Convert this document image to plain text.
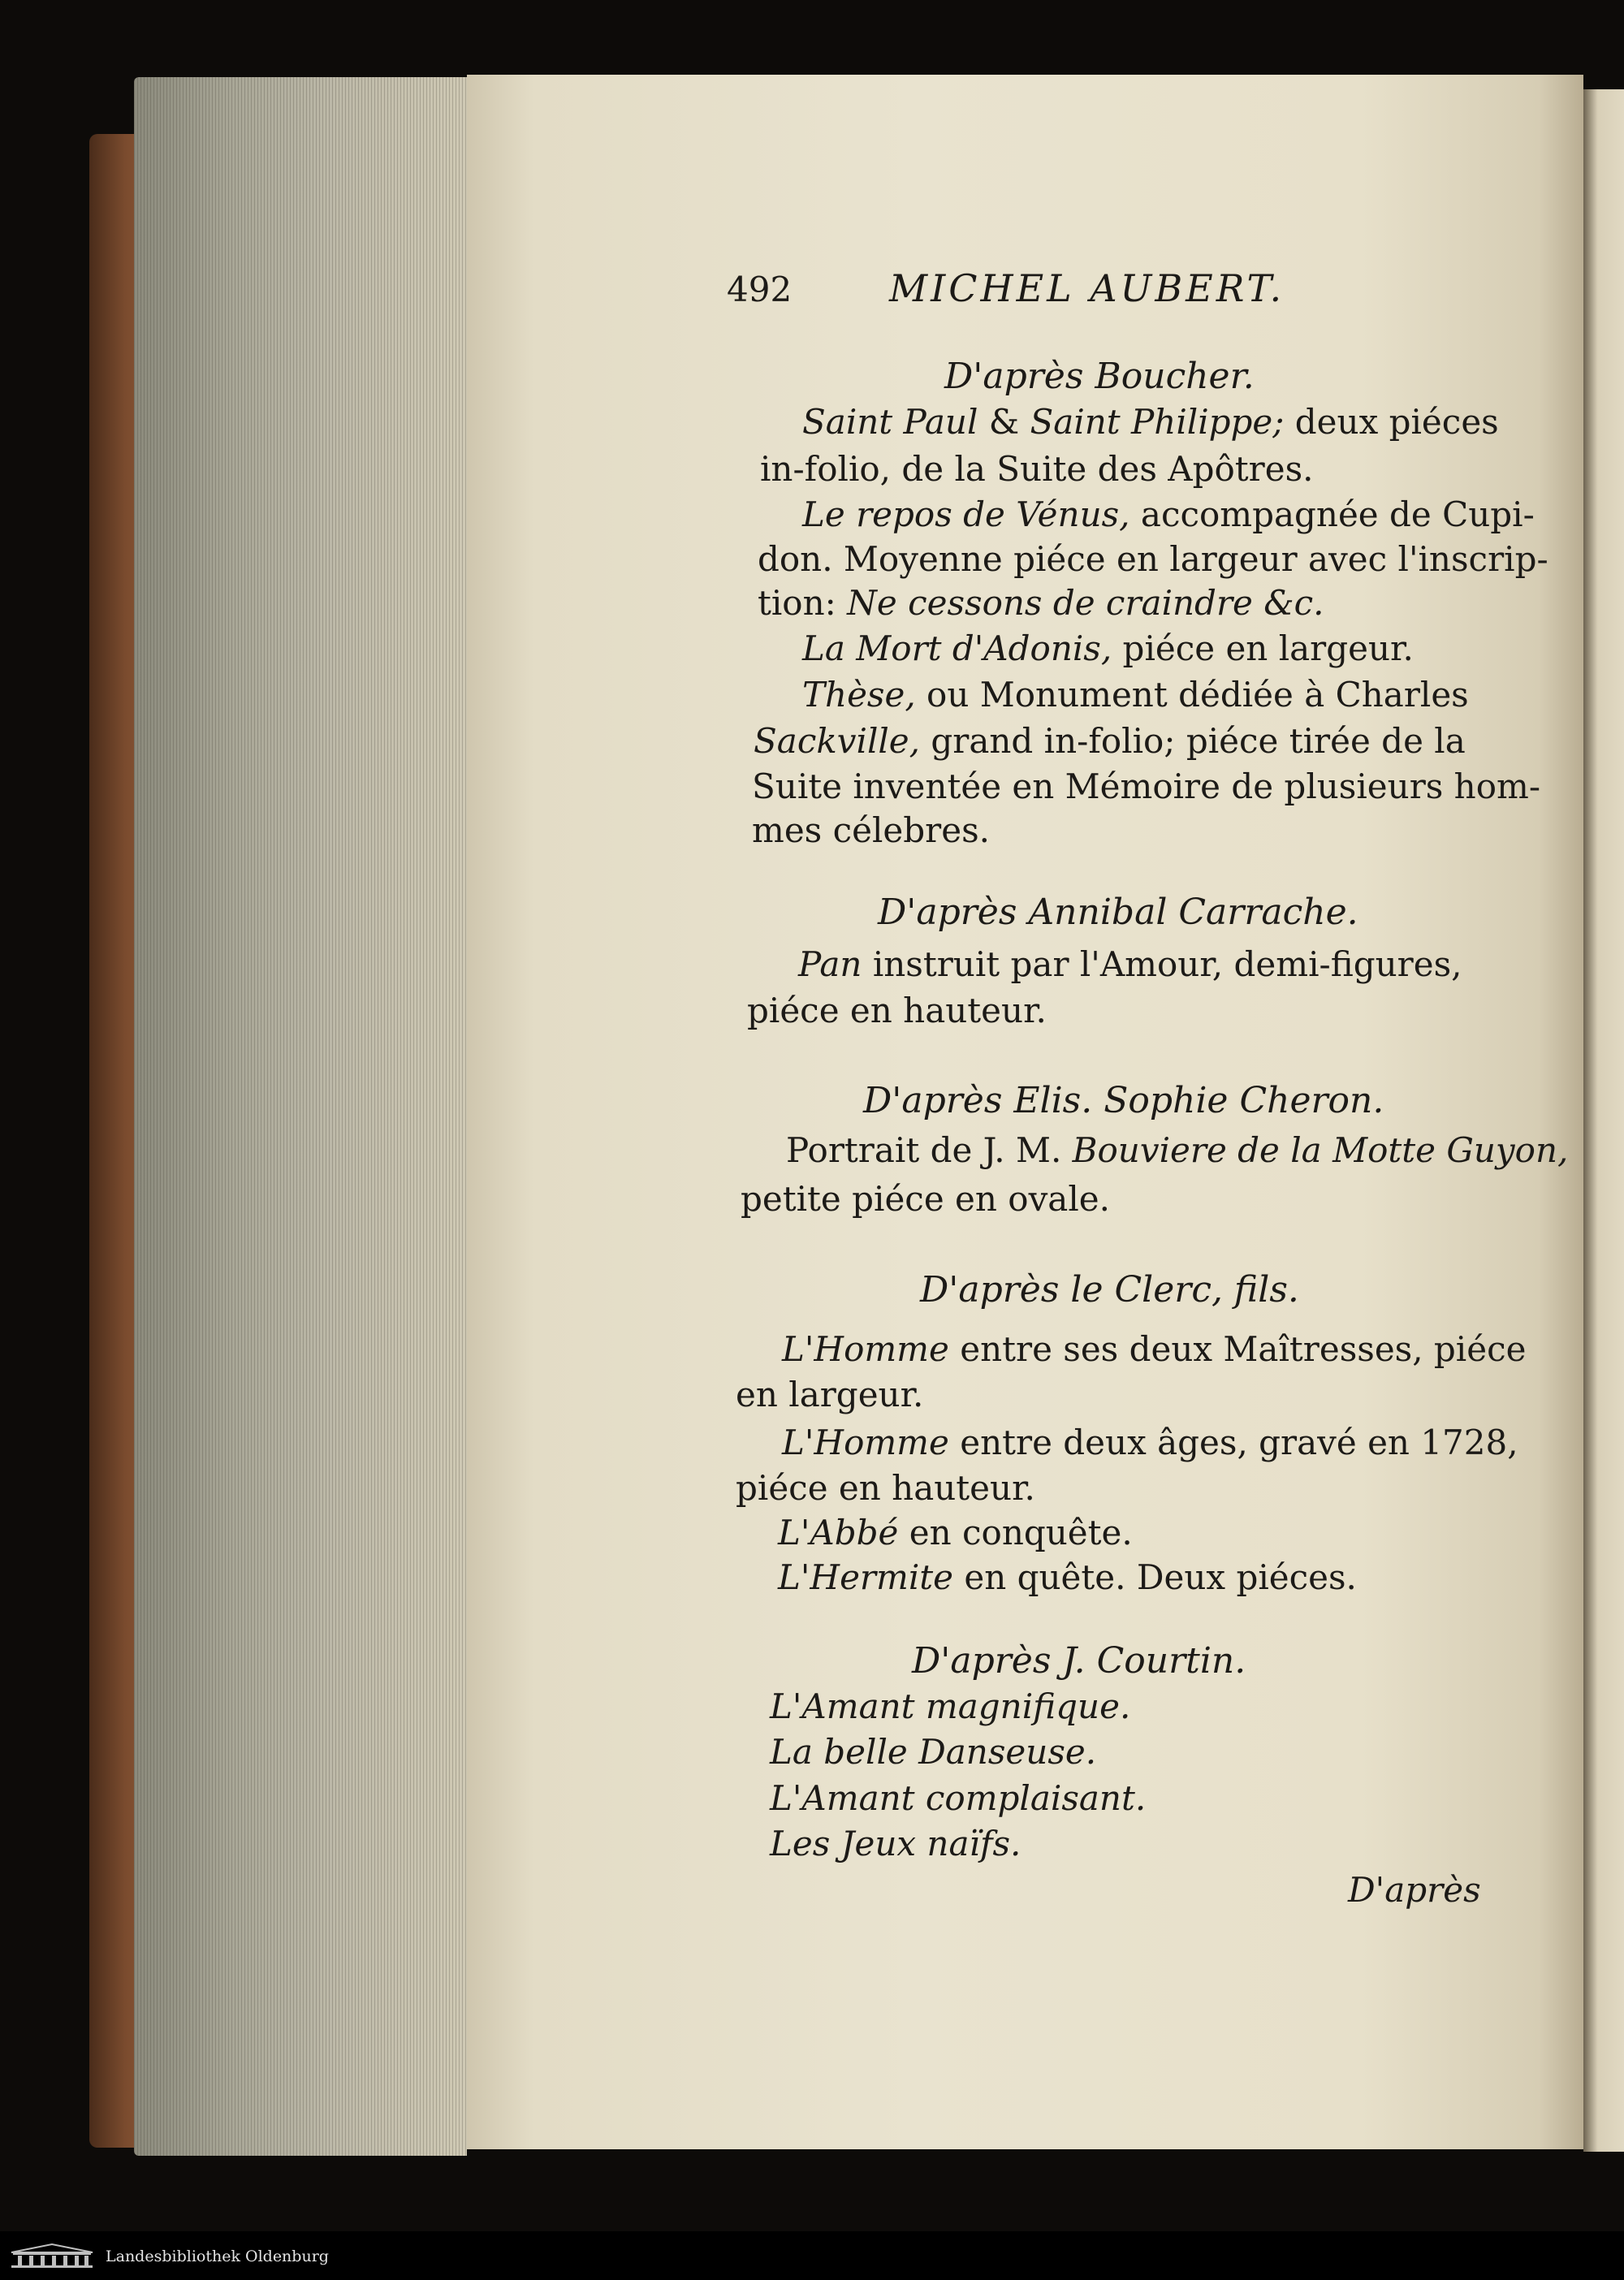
492	MICHEL AUBERT.
D'après Boucher.
Saint Paul & Saint Philippe; deux piéces
in-folio, de la Suite des Apôtres.
Le repos de Vénus, accompagnée de Cupi-
don. Moyenne piéce en largeur avec l'inscrip-
tion: Ne cessons de craindre &c.
La Mort d'Adonis, piéce en largeur.
Thèse, ou Monument dédiée à Charles
Sackville, grand in-folio; piéce tirée de la
Suite inventée en Mémoire de plusieurs hom-
mes célebres.
D'après Annibal Carrache.
Pan instruit par l'Amour, demi-figures,
piéce en hauteur.
D'après Elis. Sophie Cheron.
Portrait de J. M. Bouviere de la Motte Guyon,
petite piéce en ovale.
D'après le Clerc, fils.
L'Homme entre ses deux Maîtresses, piéce
en largeur.
L'Homme entre deux âges, gravé en 1728,
piéce en hauteur.
L'Abbé en conquête.
L'Hermite en quête. Deux piéces.
D'après J. Courtin.
L'Amant magnifique.
La belle Danseuse.
L'Amant complaisant.
Les Jeux naïfs.
D'après
Landesbibliothek Oldenburg
